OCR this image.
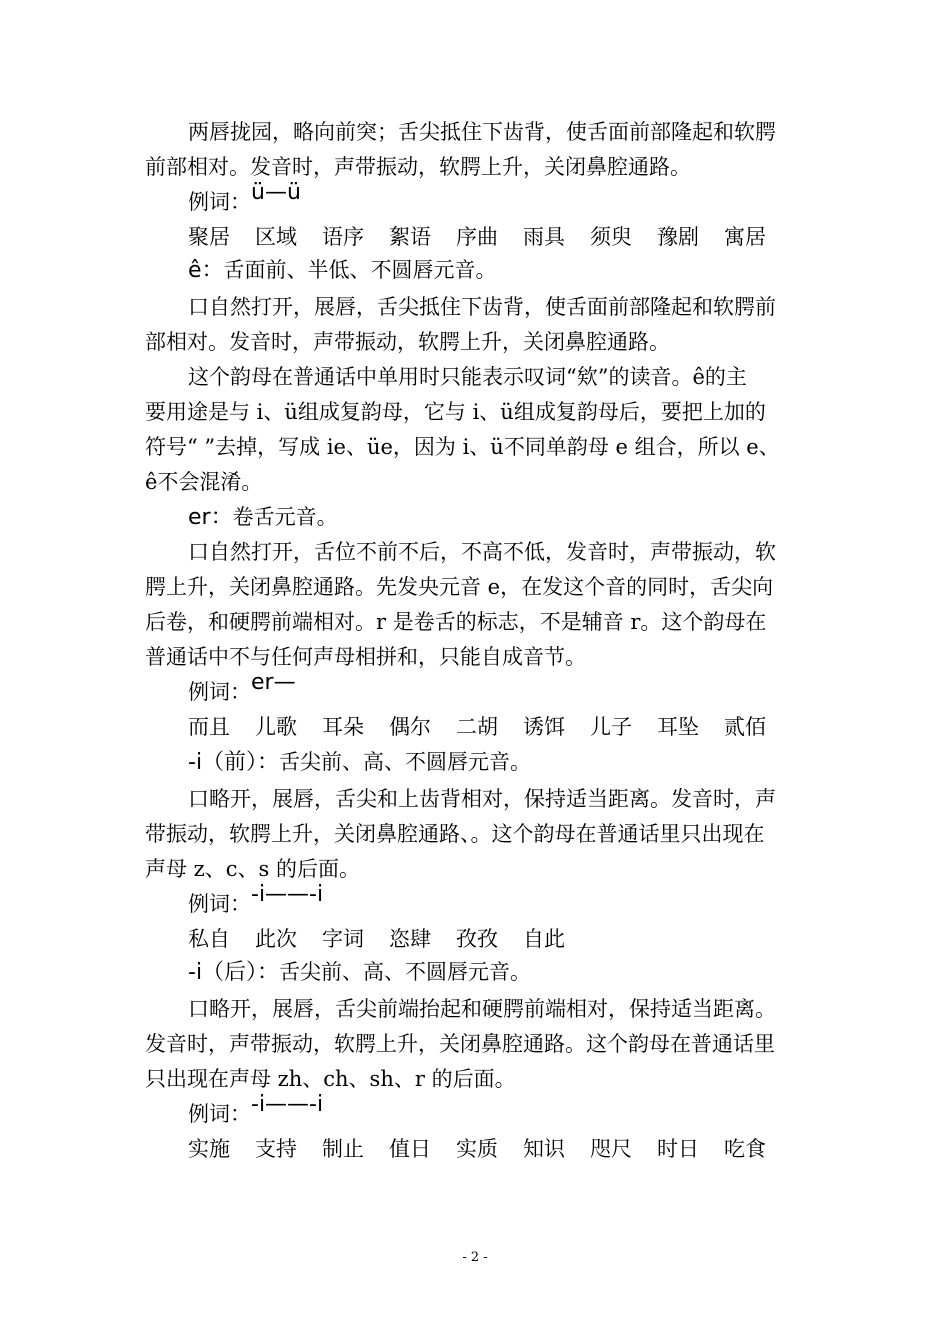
两唇拢园，略向前突；舌尖抵住下齿背，使舌面前部隆起和软腭
前部相对。发音时，声带振动，软腭上升，关闭鼻腔通路。
例词：ü—ü
聚居 区域 语序 絮语 序曲 雨具 须臾 豫剧 寓居
ê：舌面前、半低、不圆唇元音。
口自然打开，展唇，舌尖抵住下齿背，使舌面前部隆起和软腭前
部相对。发音时，声带振动，软腭上升，关闭鼻腔通路。
这个韵母在普通话中单用时只能表示叹词“欸”的读音。ê的主
要用途是与 i、ü组成复韵母，它与 i、ü组成复韵母后，要把上加的
符号“ ”去掉，写成 ie、üe，因为 i、ü不同单韵母 e 组合，所以 e、
ê不会混淆。
er：卷舌元音。
口自然打开，舌位不前不后，不高不低，发音时，声带振动，软
腭上升，关闭鼻腔通路。先发央元音 e，在发这个音的同时，舌尖向
后卷，和硬腭前端相对。r 是卷舌的标志，不是辅音 r。这个韵母在
普通话中不与任何声母相拼和，只能自成音节。
例词：er—
而且 儿歌 耳朵 偶尔 二胡 诱饵 儿子 耳坠 贰佰
-i（前）：舌尖前、高、不圆唇元音。
口略开，展唇，舌尖和上齿背相对，保持适当距离。发音时，声
带振动，软腭上升，关闭鼻腔通路、。这个韵母在普通话里只出现在
声母 z、c、s 的后面。
例词：-i——-i
私自 此次 字词 恣肆 孜孜 自此
-i（后）：舌尖前、高、不圆唇元音。
口略开，展唇，舌尖前端抬起和硬腭前端相对，保持适当距离。
发音时，声带振动，软腭上升，关闭鼻腔通路。这个韵母在普通话里
只出现在声母 zh、ch、sh、r 的后面。
例词：-i——-i
实施 支持 制止 值日 实质 知识 咫尺 时日 吃食
- 2 -
